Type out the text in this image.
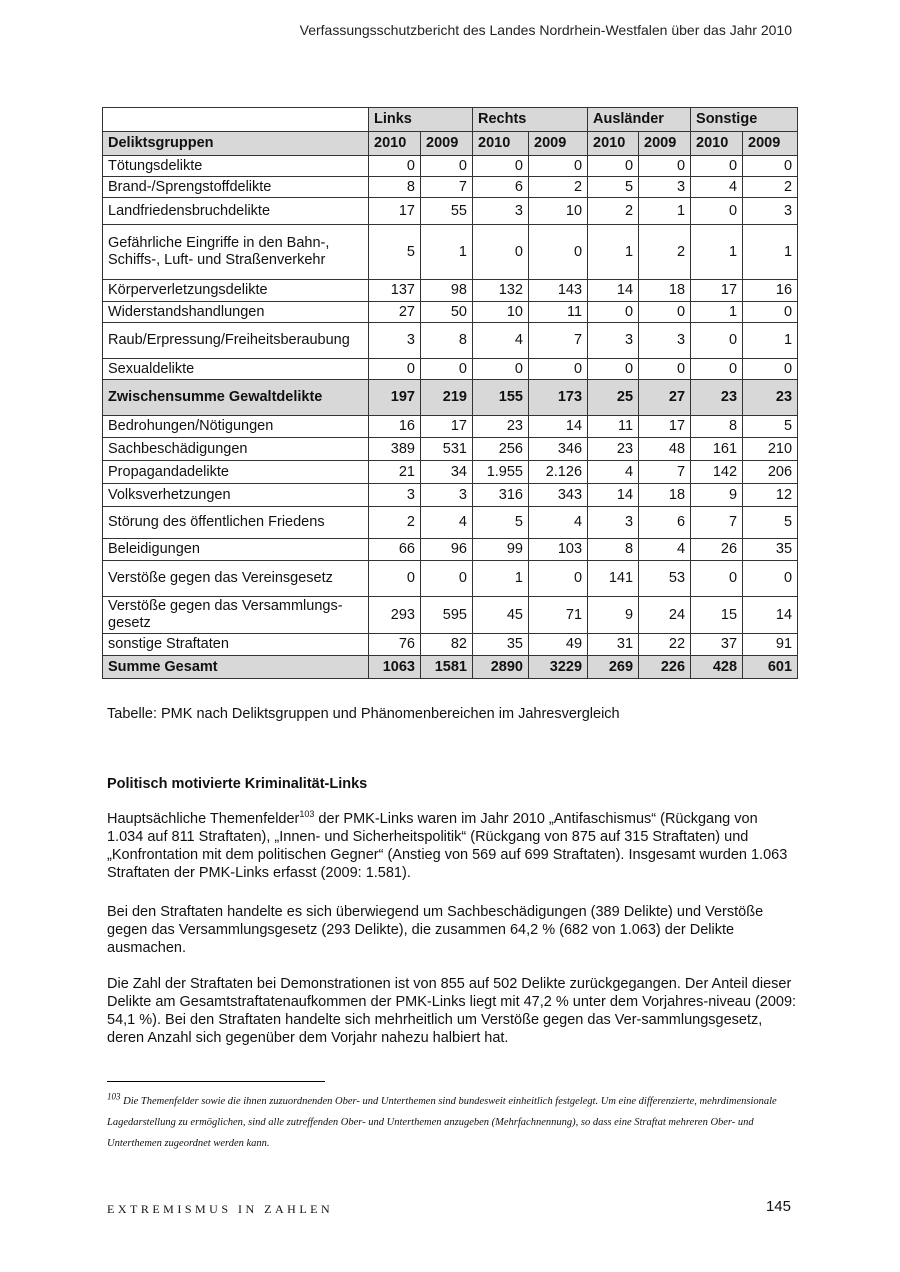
Verfassungsschutzbericht des Landes Nordrhein-Westfalen über das Jahr 2010
	Links		Rechts		Ausländer		Sonstige	
Deliktsgruppen	2010	2009	2010	2009	2010	2009	2010	2009
Tötungsdelikte	0	0	0	0	0	0	0	0
Brand-/Sprengstoffdelikte	8	7	6	2	5	3	4	2
Landfriedensbruchdelikte	17	55	3	10	2	1	0	3
Gefährliche Eingriffe in den Bahn-, Schiffs-, Luft- und Straßenverkehr	5	1	0	0	1	2	1	1
Körperverletzungsdelikte	137	98	132	143	14	18	17	16
Widerstandshandlungen	27	50	10	11	0	0	1	0
Raub/Erpressung/Freiheitsberaubung	3	8	4	7	3	3	0	1
Sexualdelikte	0	0	0	0	0	0	0	0
Zwischensumme Gewaltdelikte	197	219	155	173	25	27	23	23
Bedrohungen/Nötigungen	16	17	23	14	11	17	8	5
Sachbeschädigungen	389	531	256	346	23	48	161	210
Propagandadelikte	21	34	1.955	2.126	4	7	142	206
Volksverhetzungen	3	3	316	343	14	18	9	12
Störung des öffentlichen Friedens	2	4	5	4	3	6	7	5
Beleidigungen	66	96	99	103	8	4	26	35
Verstöße gegen das Vereinsgesetz	0	0	1	0	141	53	0	0
Verstöße gegen das Versammlungs-gesetz	293	595	45	71	9	24	15	14
sonstige Straftaten	76	82	35	49	31	22	37	91
Summe Gesamt	1063	1581	2890	3229	269	226	428	601
Tabelle: PMK nach Deliktsgruppen und Phänomenbereichen im Jahresvergleich
Politisch motivierte Kriminalität-Links

Hauptsächliche Themenfelder$^{103}$ der PMK-Links waren im Jahr 2010 „Antifaschismus“ (Rückgang von 1.034 auf 811 Straftaten), „Innen- und Sicherheitspolitik“ (Rückgang von 875 auf 315 Straftaten) und „Konfrontation mit dem politischen Gegner“ (Anstieg von 569 auf 699 Straftaten). Insgesamt wurden 1.063 Straftaten der PMK-Links erfasst (2009: 1.581).

Bei den Straftaten handelte es sich überwiegend um Sachbeschädigungen (389 Delikte) und Verstöße gegen das Versammlungsgesetz (293 Delikte), die zusammen 64,2 % (682 von 1.063) der Delikte ausmachen.

Die Zahl der Straftaten bei Demonstrationen ist von 855 auf 502 Delikte zurückgegangen. Der Anteil dieser Delikte am Gesamtstraftatenaufkommen der PMK-Links liegt mit 47,2 % unter dem Vorjahres-niveau (2009: 54,1 %). Bei den Straftaten handelte sich mehrheitlich um Verstöße gegen das Ver-sammlungsgesetz, deren Anzahl sich gegenüber dem Vorjahr nahezu halbiert hat.

$^{103}$ Die Themenfelder sowie die ihnen zuzuordnenden Ober- und Unterthemen sind bundesweit einheitlich festgelegt. Um eine differenzierte, mehrdimensionale Lagedarstellung zu ermöglichen, sind alle zutreffenden Ober- und Unterthemen anzugeben (Mehrfachnennung), so dass eine Straftat mehreren Ober- und Unterthemen zugeordnet werden kann.

EXTREMISMUS IN ZAHLEN	145
